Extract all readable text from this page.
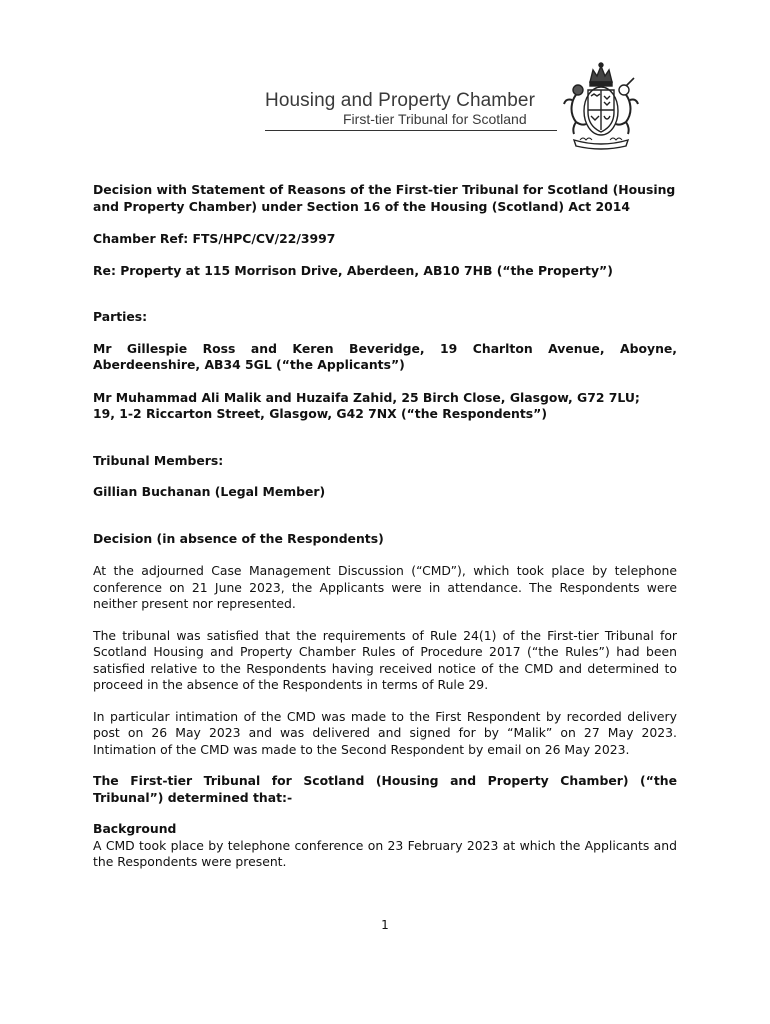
Housing and Property Chamber
First-tier Tribunal for Scotland

Decision with Statement of Reasons of the First-tier Tribunal for Scotland (Housing and Property Chamber) under Section 16 of the Housing (Scotland) Act 2014

Chamber Ref: FTS/HPC/CV/22/3997

Re: Property at 115 Morrison Drive, Aberdeen, AB10 7HB (“the Property”)

Parties:

Mr Gillespie Ross and Keren Beveridge, 19 Charlton Avenue, Aboyne, Aberdeenshire, AB34 5GL (“the Applicants”)

Mr Muhammad Ali Malik and Huzaifa Zahid, 25 Birch Close, Glasgow, G72 7LU;

19, 1-2 Riccarton Street, Glasgow, G42 7NX (“the Respondents”)

Tribunal Members:

Gillian Buchanan (Legal Member)

Decision (in absence of the Respondents)

At the adjourned Case Management Discussion (“CMD”), which took place by telephone conference on 21 June 2023, the Applicants were in attendance. The Respondents were neither present nor represented.

The tribunal was satisfied that the requirements of Rule 24(1) of the First-tier Tribunal for Scotland Housing and Property Chamber Rules of Procedure 2017 (“the Rules”) had been satisfied relative to the Respondents having received notice of the CMD and determined to proceed in the absence of the Respondents in terms of Rule 29.

In particular intimation of the CMD was made to the First Respondent by recorded delivery post on 26 May 2023 and was delivered and signed for by “Malik” on 27 May 2023. Intimation of the CMD was made to the Second Respondent by email on 26 May 2023.

The First-tier Tribunal for Scotland (Housing and Property Chamber) (“the Tribunal”) determined that:-

Background

A CMD took place by telephone conference on 23 February 2023 at which the Applicants and the Respondents were present.

1
